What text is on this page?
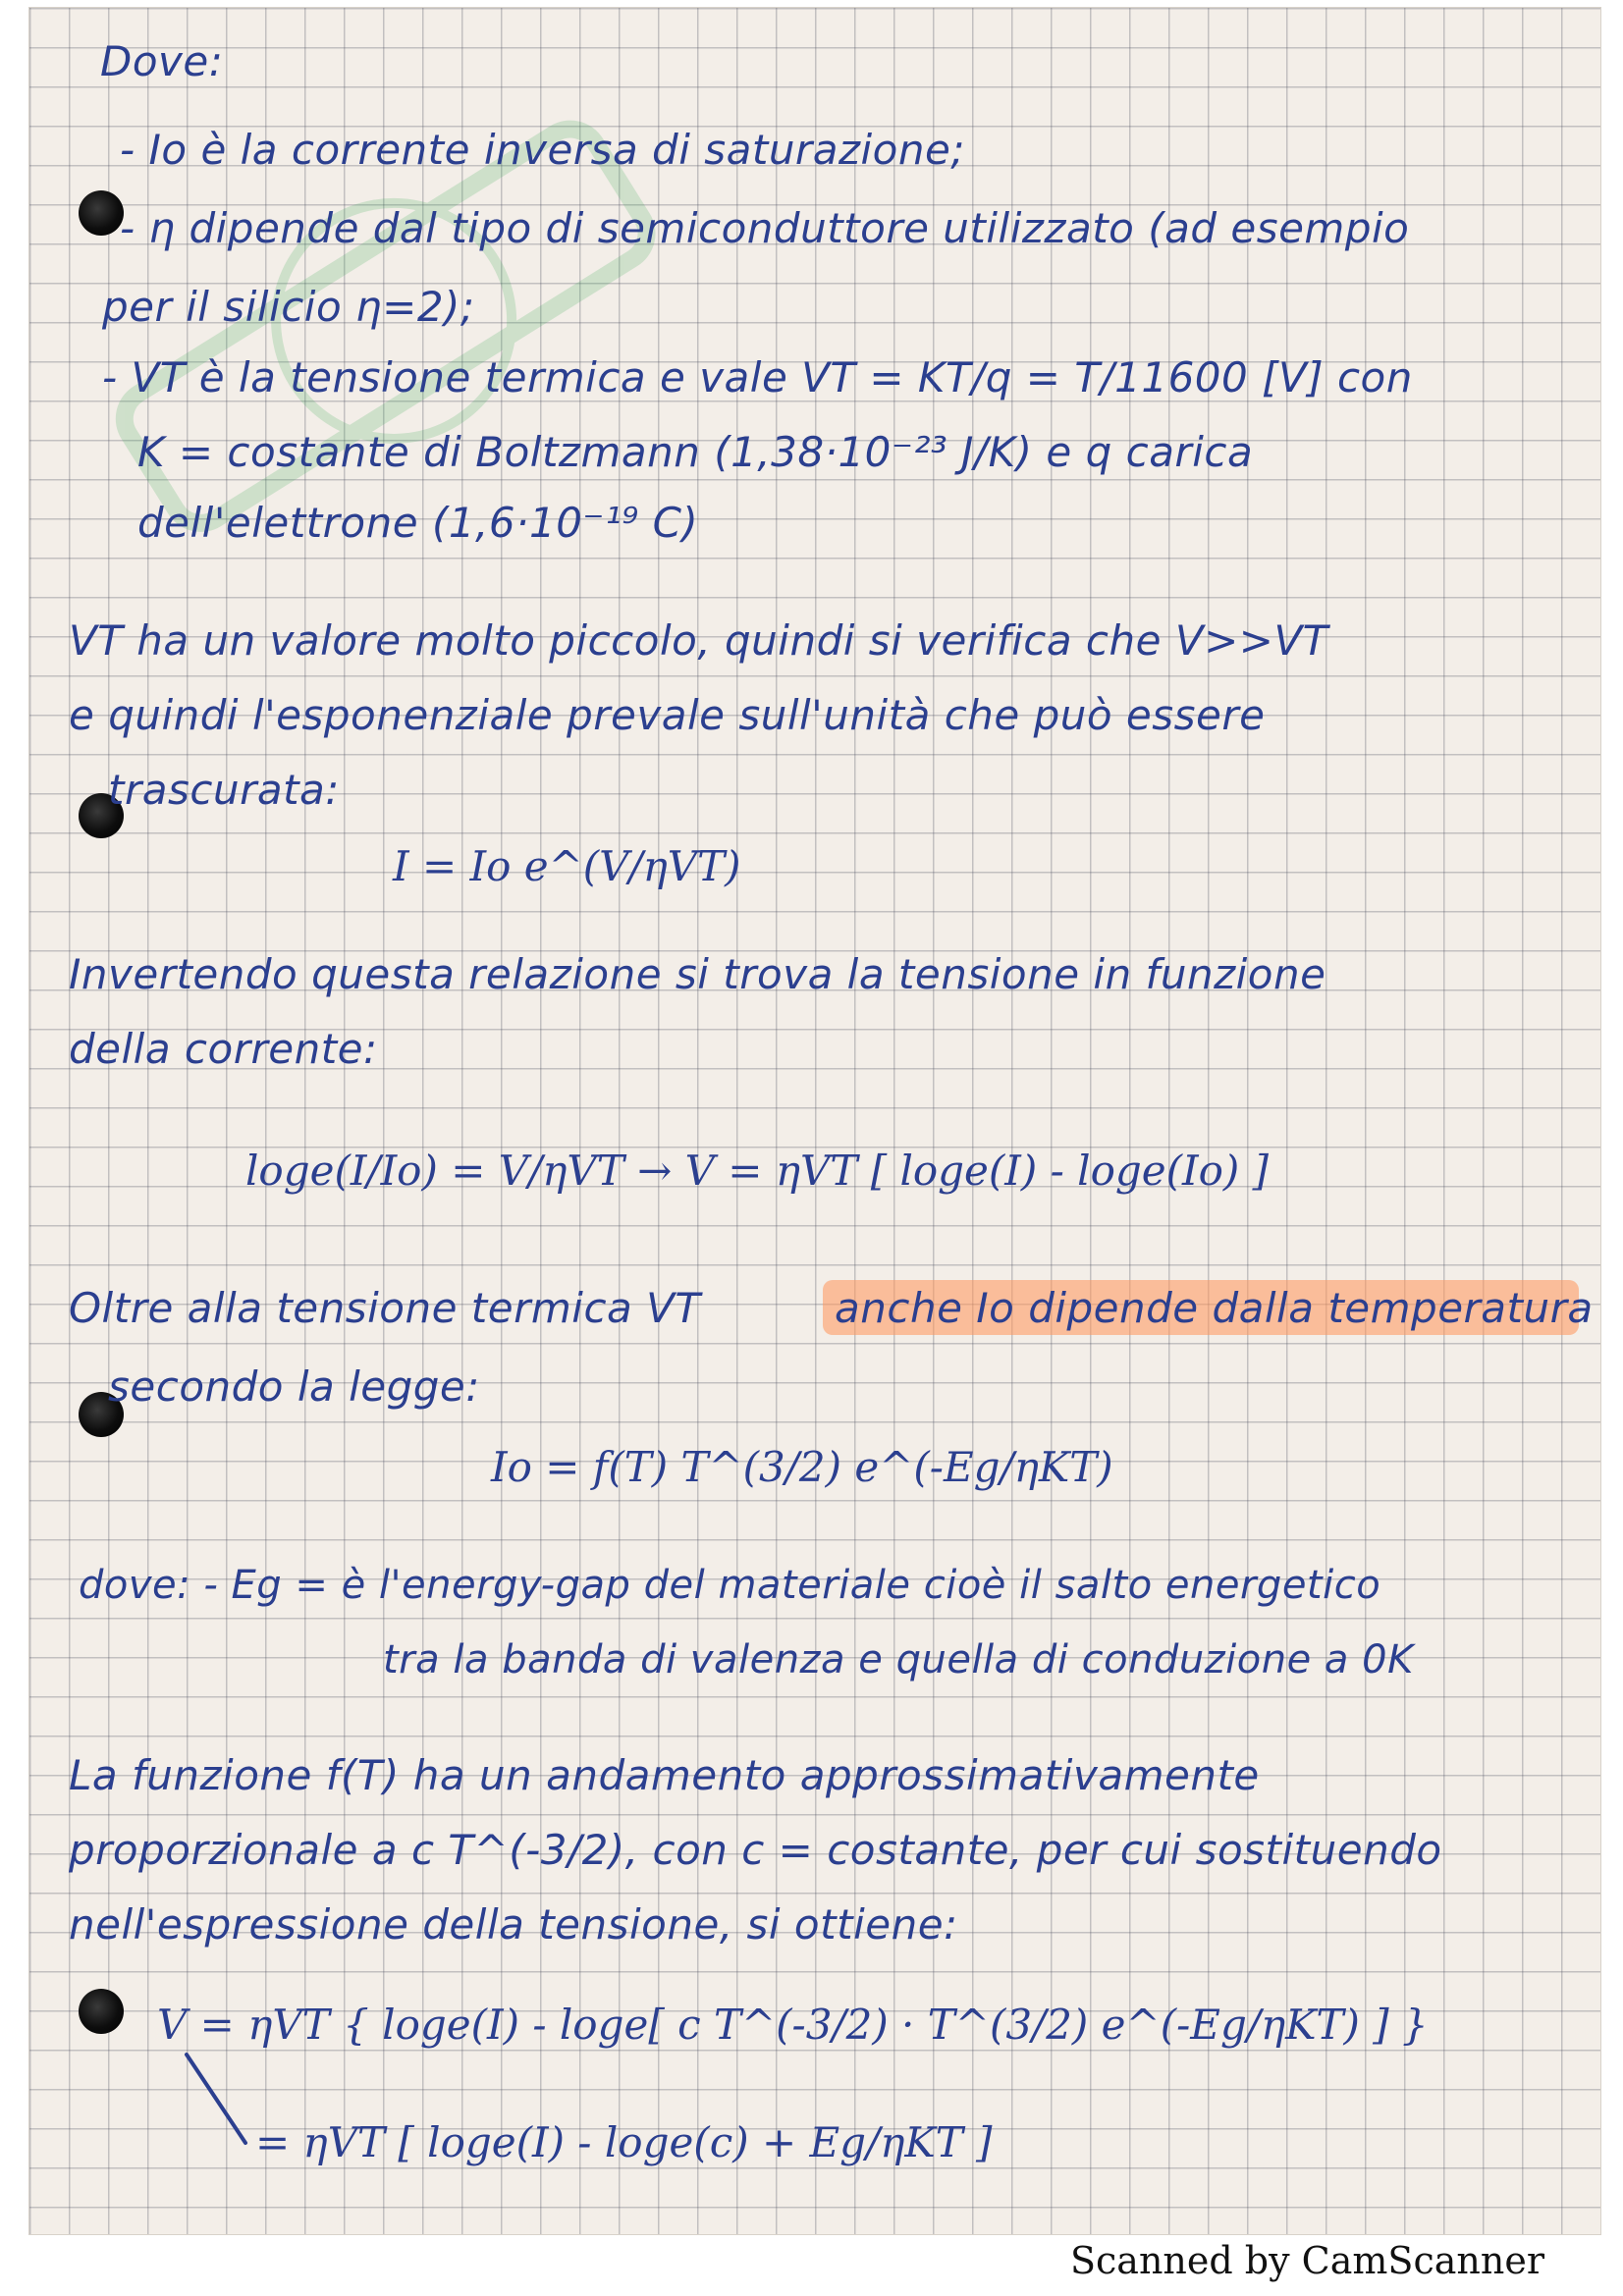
Dove:
- Io è la corrente inversa di saturazione;
- η dipende dal tipo di semiconduttore utilizzato (ad esempio
per il silicio η=2);
- VT è la tensione termica e vale VT = KT/q = T/11600 [V] con
K = costante di Boltzmann (1,38·10⁻²³ J/K) e q carica
dell'elettrone (1,6·10⁻¹⁹ C)
VT ha un valore molto piccolo, quindi si verifica che V>>VT
e quindi l'esponenziale prevale sull'unità che può essere
trascurata:
I = Io e^(V/ηVT)
Invertendo questa relazione si trova la tensione in funzione
della corrente:
loge(I/Io) = V/ηVT → V = ηVT [ loge(I) - loge(Io) ]
Oltre alla tensione termica VT	anche Io dipende dalla temperatura
secondo la legge:
Io = f(T) T^(3/2) e^(-Eg/ηKT)
dove: - Eg = è l'energy-gap del materiale cioè il salto energetico
tra la banda di valenza e quella di conduzione a 0K
La funzione f(T) ha un andamento approssimativamente
proporzionale a c T^(-3/2), con c = costante, per cui sostituendo
nell'espressione della tensione, si ottiene:
V = ηVT { loge(I) - loge[ c T^(-3/2) · T^(3/2) e^(-Eg/ηKT) ] }
= ηVT [ loge(I) - loge(c) + Eg/ηKT ]
Scanned by CamScanner
